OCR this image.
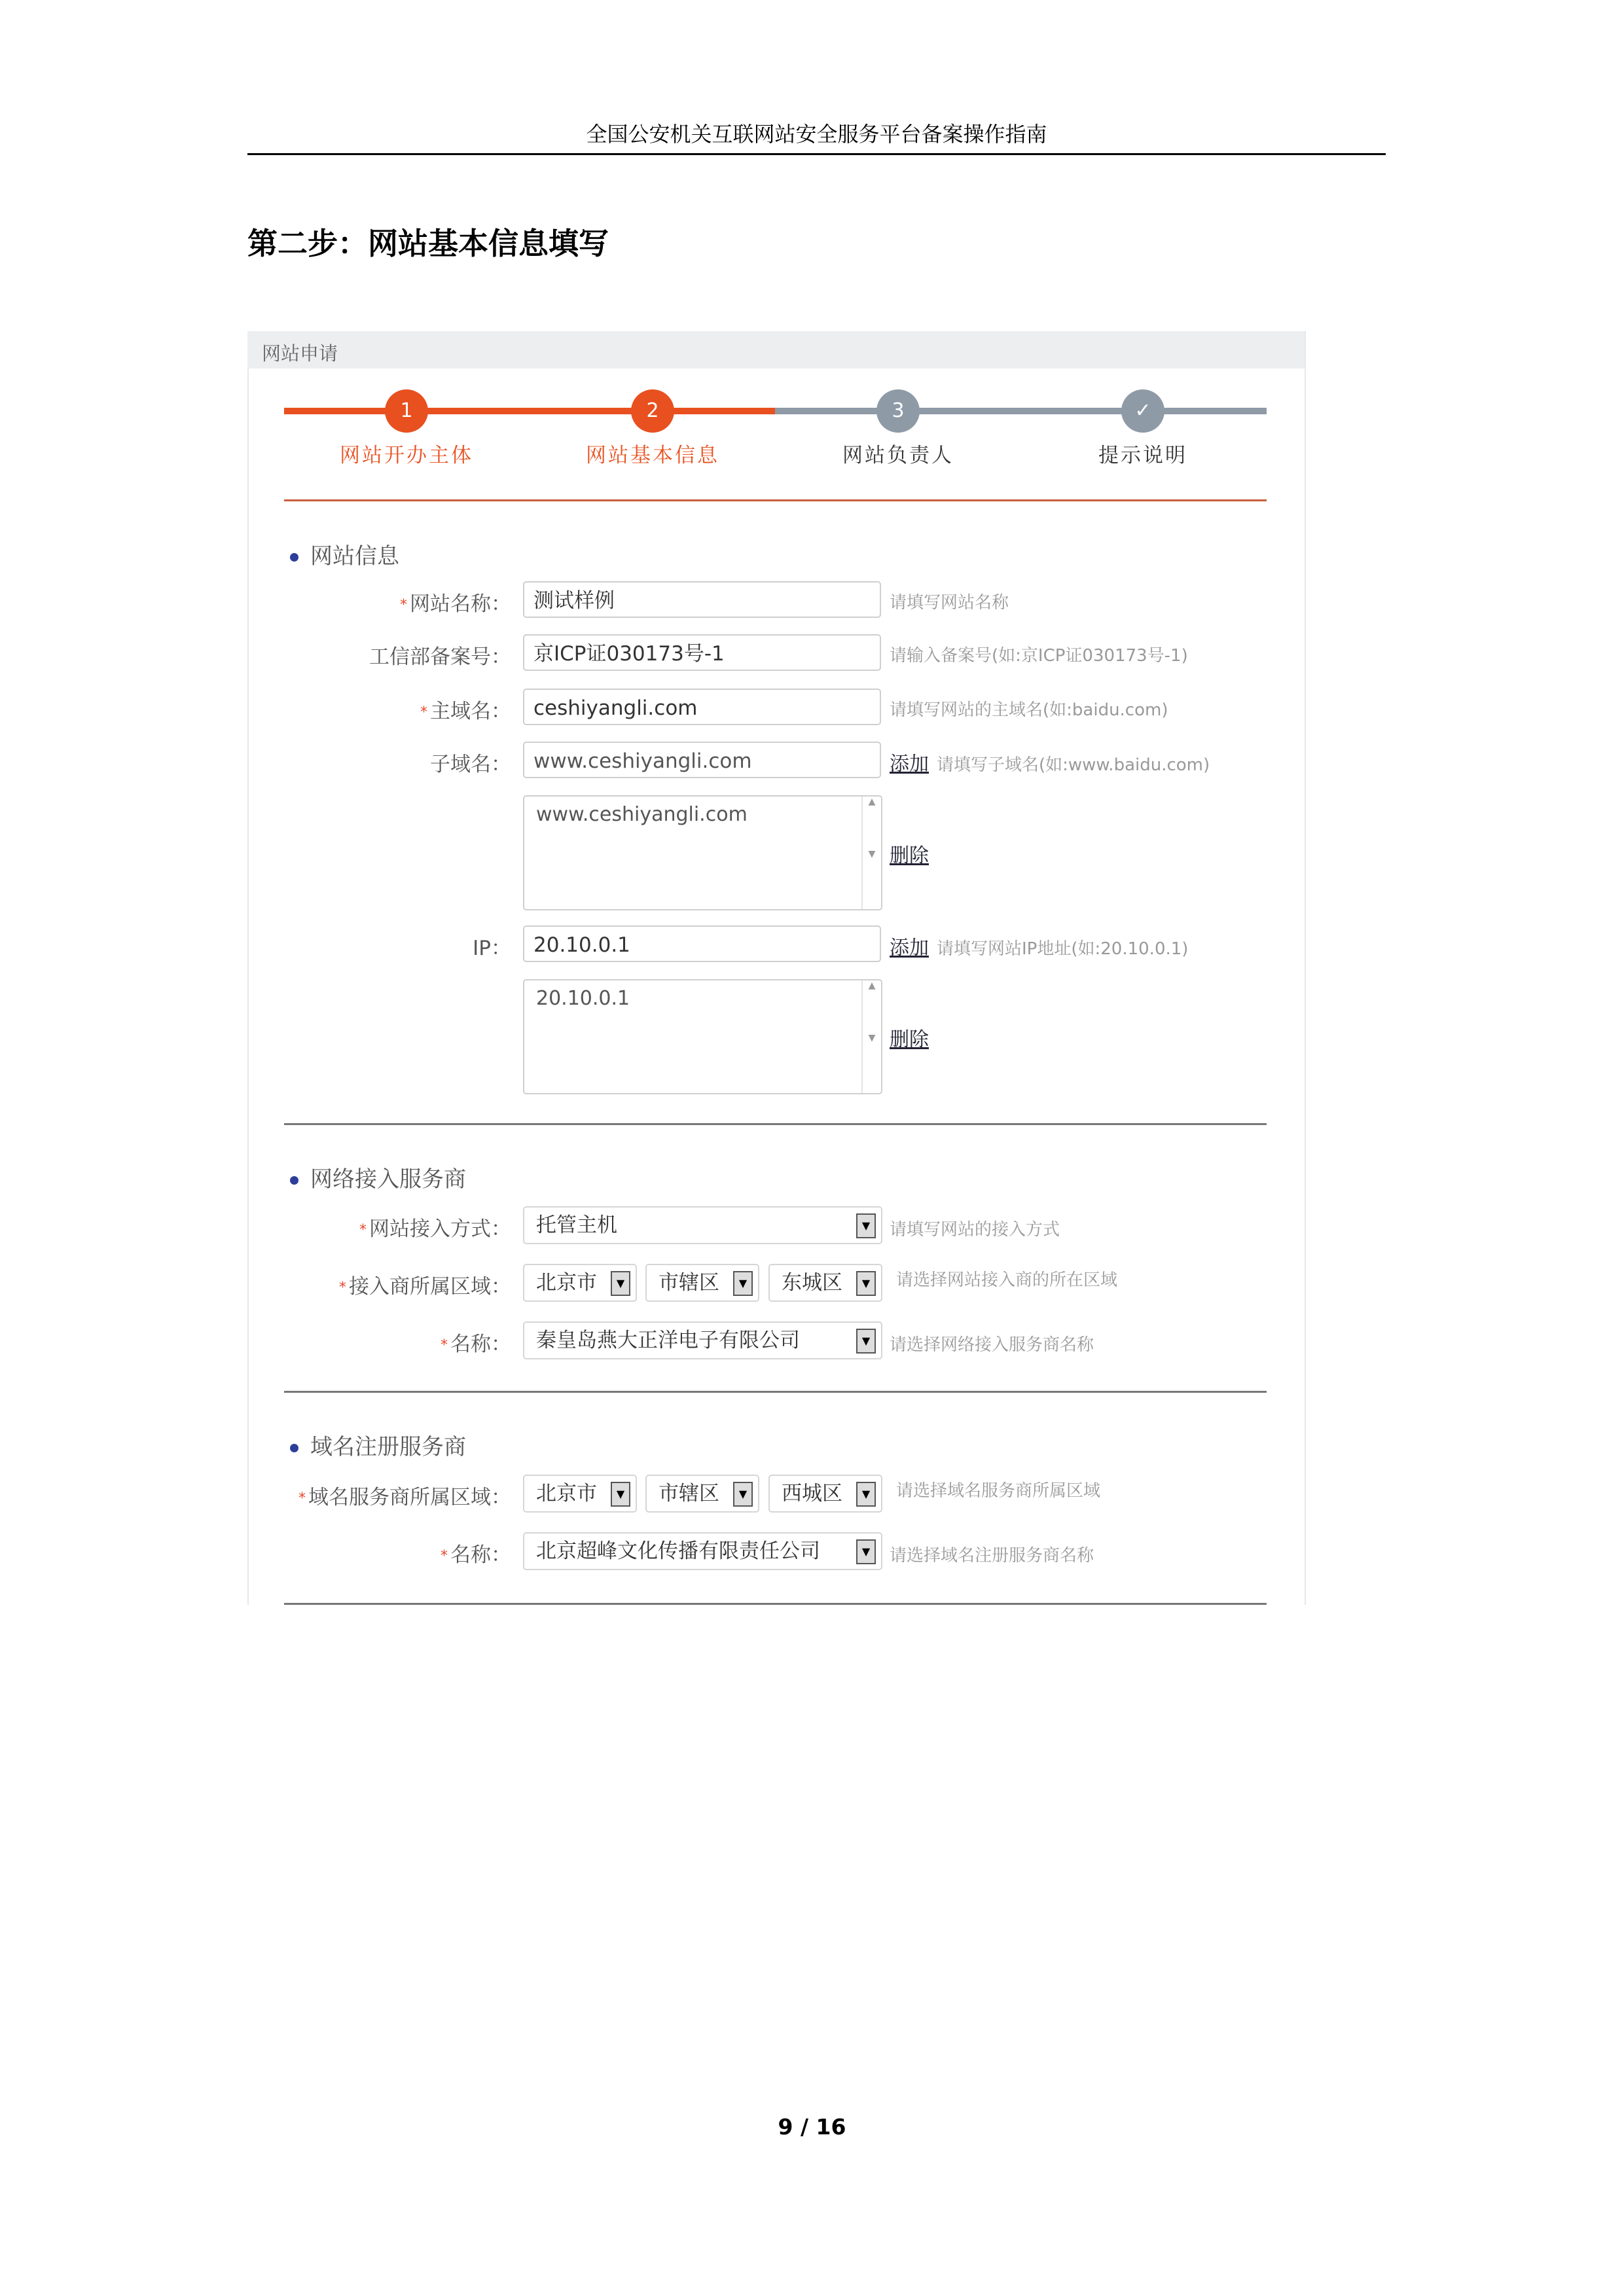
全国公安机关互联网站安全服务平台备案操作指南
第二步：网站基本信息填写
网站申请
1	2	3	✓
网站开办主体	网站基本信息	网站负责人	提示说明
网站信息
* 网站名称：	测试样例	请填写网站名称
工信部备案号：	京ICP证030173号-1	请输入备案号(如:京ICP证030173号-1)
* 主域名：	ceshiyangli.com	请填写网站的主域名(如:baidu.com)
子域名：	www.ceshiyangli.com	添加 请填写子域名(如:www.baidu.com)
www.ceshiyangli.com
▲

▼ 删除
IP：	20.10.0.1	添加 请填写网站IP地址(如:20.10.0.1)
20.10.0.1
▲

▼ 删除
网络接入服务商
* 网站接入方式：	托管主机	▼	请填写网站的接入方式
* 接入商所属区域：	北京市	▼	市辖区	▼	东城区	▼	请选择网站接入商的所在区域
* 名称：	秦皇岛燕大正洋电子有限公司	▼	请选择网络接入服务商名称
域名注册服务商
* 域名服务商所属区域：	北京市	▼	市辖区	▼	西城区	▼	请选择域名服务商所属区域
* 名称：	北京超峰文化传播有限责任公司	▼	请选择域名注册服务商名称
9 / 16
